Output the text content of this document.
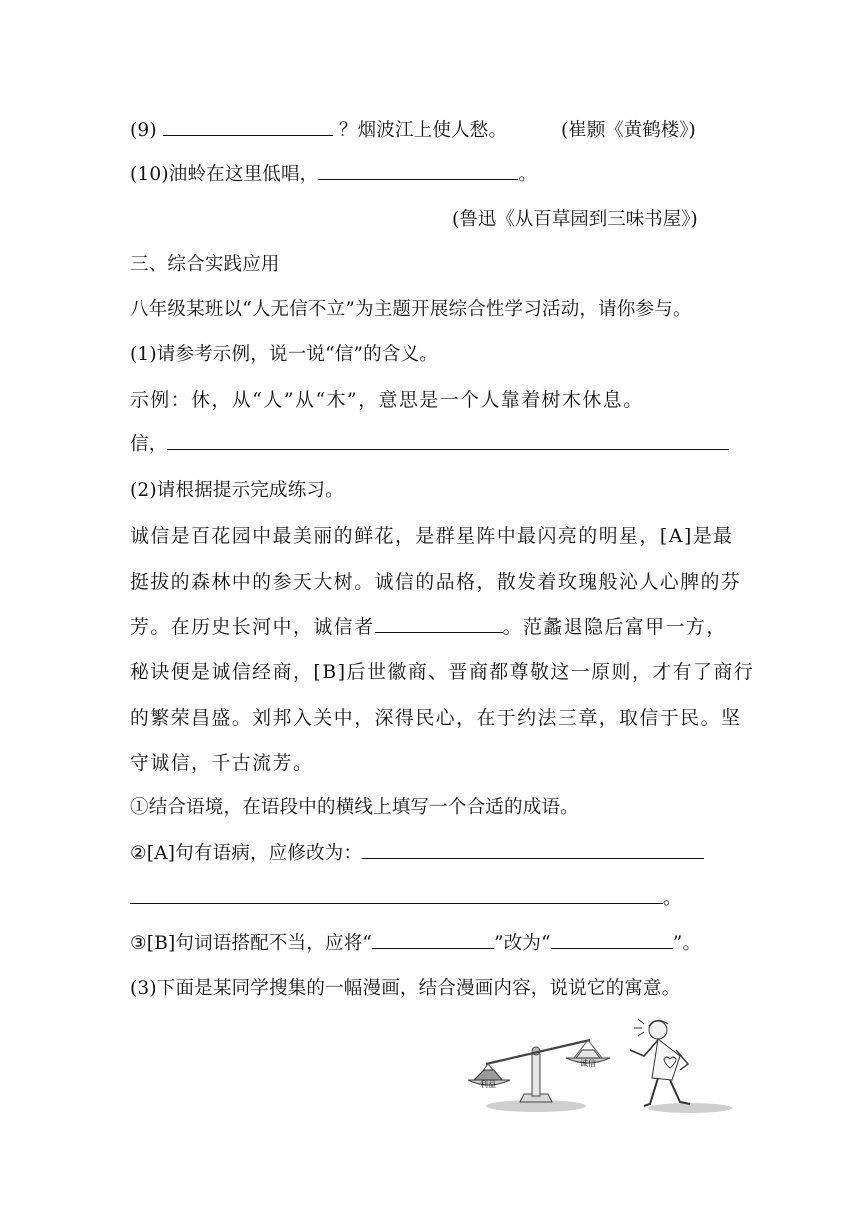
(9)	？烟波江上使人愁。	(崔颢《黄鹤楼》)
(10)油蛉在这里低唱，	。
(鲁迅《从百草园到三味书屋》)
三、综合实践应用
八年级某班以“人无信不立”为主题开展综合性学习活动，请你参与。
(1)请参考示例，说一说“信”的含义。
示例：休，从“人”从“木”，意思是一个人靠着树木休息。
信，
(2)请根据提示完成练习。
诚信是百花园中最美丽的鲜花，是群星阵中最闪亮的明星，[A]是最
挺拔的森林中的参天大树。诚信的品格，散发着玫瑰般沁人心脾的芬
芳。在历史长河中，诚信者	。范蠡退隐后富甲一方，
秘诀便是诚信经商，[B]后世徽商、晋商都尊敬这一原则，才有了商行
的繁荣昌盛。刘邦入关中，深得民心，在于约法三章，取信于民。坚
守诚信，千古流芳。
①结合语境，在语段中的横线上填写一个合适的成语。
②[A]句有语病，应修改为：
。
③[B]句词语搭配不当，应将“	”改为“	”。
(3)下面是某同学搜集的一幅漫画，结合漫画内容，说说它的寓意。
利益
诚信
